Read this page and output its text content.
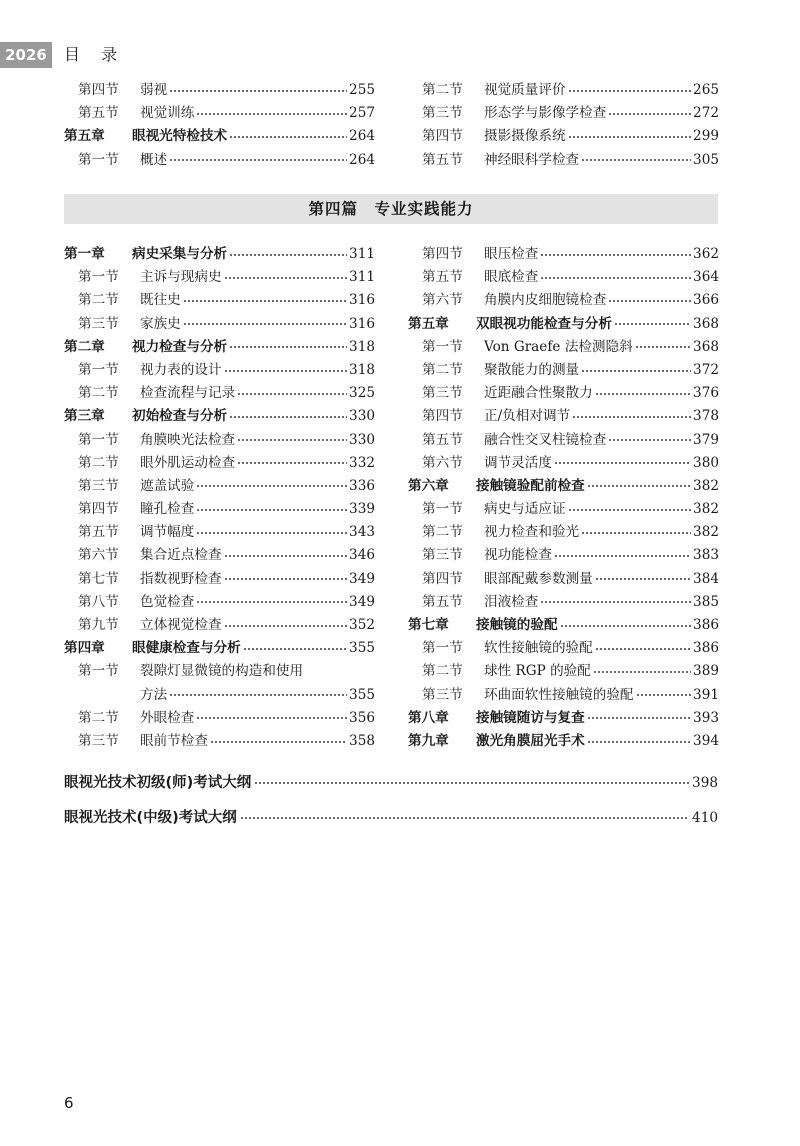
2026	目 录
第四节	弱视	255
第五节	视觉训练	257
第五章	眼视光特检技术	264
第一节	概述	264
第二节	视觉质量评价	265
第三节	形态学与影像学检查	272
第四节	摄影摄像系统	299
第五节	神经眼科学检查	305
第四篇　专业实践能力
第一章	病史采集与分析	311
第一节	主诉与现病史	311
第二节	既往史	316
第三节	家族史	316
第二章	视力检查与分析	318
第一节	视力表的设计	318
第二节	检查流程与记录	325
第三章	初始检查与分析	330
第一节	角膜映光法检查	330
第二节	眼外肌运动检查	332
第三节	遮盖试验	336
第四节	瞳孔检查	339
第五节	调节幅度	343
第六节	集合近点检查	346
第七节	指数视野检查	349
第八节	色觉检查	349
第九节	立体视觉检查	352
第四章	眼健康检查与分析	355
第一节	裂隙灯显微镜的构造和使用
方法	355
第二节	外眼检查	356
第三节	眼前节检查	358
第四节	眼压检查	362
第五节	眼底检查	364
第六节	角膜内皮细胞镜检查	366
第五章	双眼视功能检查与分析	368
第一节	Von Graefe 法检测隐斜	368
第二节	聚散能力的测量	372
第三节	近距融合性聚散力	376
第四节	正/负相对调节	378
第五节	融合性交叉柱镜检查	379
第六节	调节灵活度	380
第六章	接触镜验配前检查	382
第一节	病史与适应证	382
第二节	视力检查和验光	382
第三节	视功能检查	383
第四节	眼部配戴参数测量	384
第五节	泪液检查	385
第七章	接触镜的验配	386
第一节	软性接触镜的验配	386
第二节	球性 RGP 的验配	389
第三节	环曲面软性接触镜的验配	391
第八章	接触镜随访与复查	393
第九章	激光角膜屈光手术	394
眼视光技术初级(师)考试大纲	398
眼视光技术(中级)考试大纲	410
6
